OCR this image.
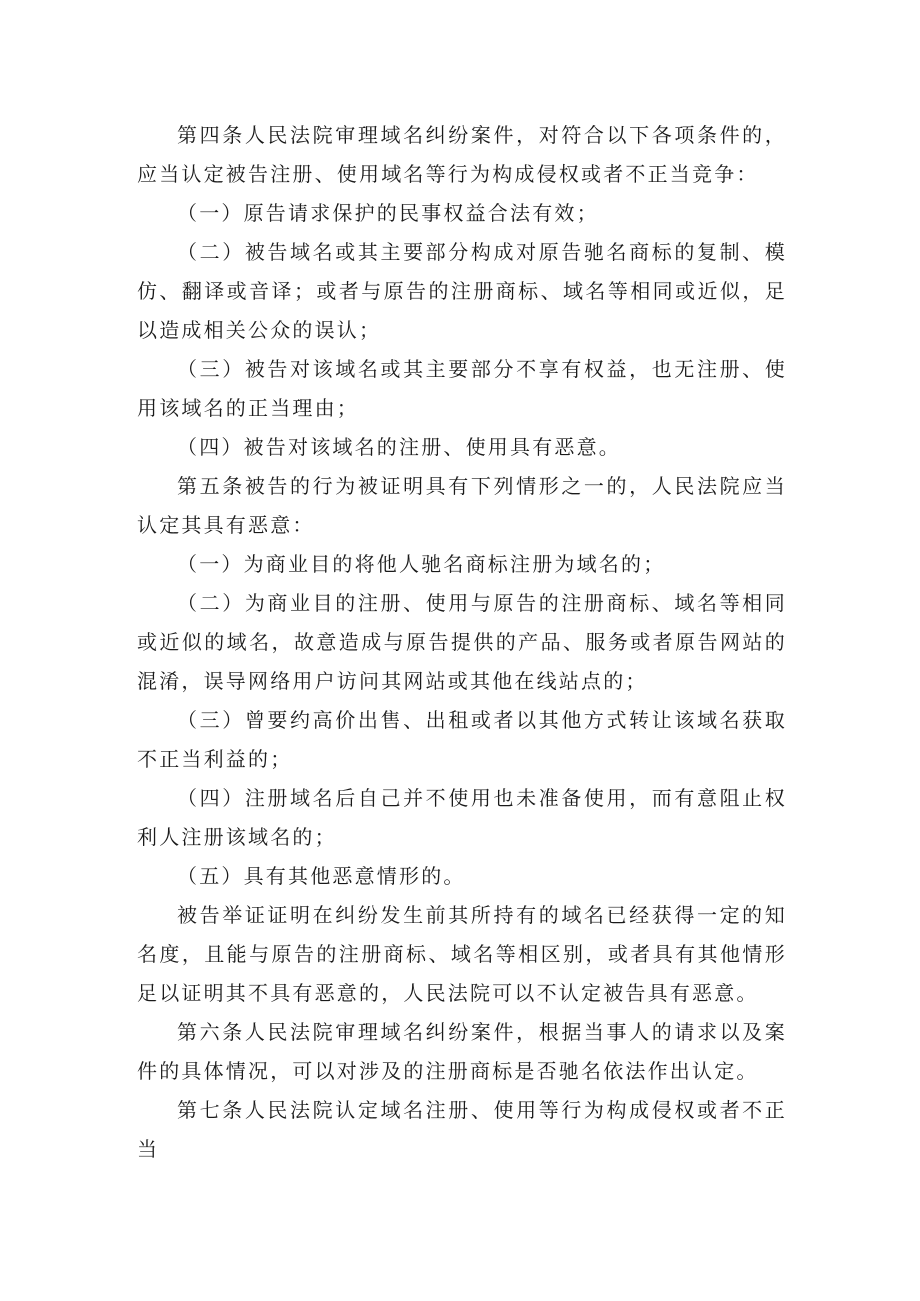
第四条人民法院审理域名纠纷案件，对符合以下各项条件的，应当认定被告注册、使用域名等行为构成侵权或者不正当竞争：

（一）原告请求保护的民事权益合法有效；

（二）被告域名或其主要部分构成对原告驰名商标的复制、模仿、翻译或音译；或者与原告的注册商标、域名等相同或近似，足以造成相关公众的误认；

（三）被告对该域名或其主要部分不享有权益，也无注册、使用该域名的正当理由；

（四）被告对该域名的注册、使用具有恶意。

第五条被告的行为被证明具有下列情形之一的，人民法院应当认定其具有恶意：

（一）为商业目的将他人驰名商标注册为域名的；

（二）为商业目的注册、使用与原告的注册商标、域名等相同或近似的域名，故意造成与原告提供的产品、服务或者原告网站的混淆，误导网络用户访问其网站或其他在线站点的；

（三）曾要约高价出售、出租或者以其他方式转让该域名获取不正当利益的；

（四）注册域名后自己并不使用也未准备使用，而有意阻止权利人注册该域名的；

（五）具有其他恶意情形的。

被告举证证明在纠纷发生前其所持有的域名已经获得一定的知名度，且能与原告的注册商标、域名等相区别，或者具有其他情形足以证明其不具有恶意的，人民法院可以不认定被告具有恶意。

第六条人民法院审理域名纠纷案件，根据当事人的请求以及案件的具体情况，可以对涉及的注册商标是否驰名依法作出认定。

第七条人民法院认定域名注册、使用等行为构成侵权或者不正当
